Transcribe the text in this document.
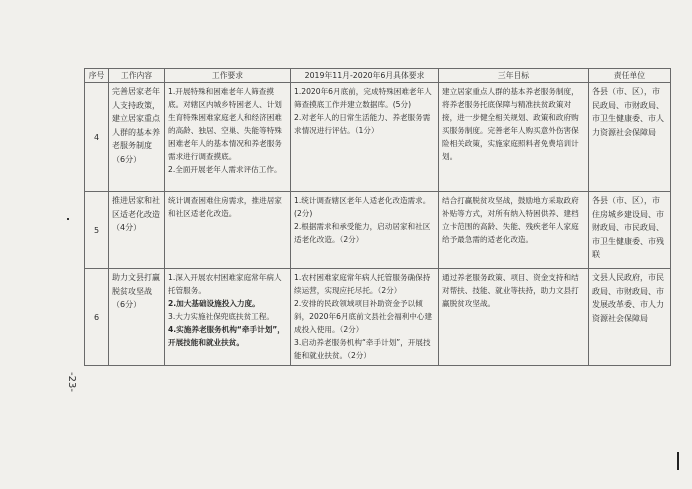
-23-
序号	工作内容	工作要求	2019年11月-2020年6月具体要求	三年目标	责任单位
4	完善居家老年人支持政策，建立居家重点人群的基本养老服务制度（6分）	1.开展特殊和困难老年人筛查摸底。对辖区内城乡特困老人、计划生育特殊困难家庭老人和经济困难的高龄、独居、空巢、失能等特殊困难老年人的基本情况和养老服务需求进行调查摸底。
2.全面开展老年人需求评估工作。	1.2020年6月底前，完成特殊困难老年人筛查摸底工作并建立数据库。(5分)
2.对老年人的日常生活能力、养老服务需求情况进行评估。（1分）	建立居家重点人群的基本养老服务制度，将养老服务托底保障与精准扶贫政策对接，进一步健全相关规划、政策和政府购买服务制度。完善老年人购买意外伤害保险相关政策，实施家庭照料者免费培训计划。	各县（市、区），市民政局、市财政局、市卫生健康委、市人力资源社会保障局
5	推进居家和社区适老化改造（4分）	统计调查困难住房需求，推进居家和社区适老化改造。	1.统计调查辖区老年人适老化改造需求。(2分)
2.根据需求和承受能力，启动居家和社区适老化改造。（2分）	结合打赢脱贫攻坚战，鼓励地方采取政府补贴等方式，对所有纳入特困供养、建档立卡范围的高龄、失能、残疾老年人家庭给予最急需的适老化改造。	各县（市、区），市住房城乡建设局、市财政局、市民政局、市卫生健康委、市残联
6	助力文县打赢脱贫攻坚战（6分）	1.深入开展农村困难家庭常年病人托管服务。
2.加大基础设施投入力度。
3.大力实施社保兜底扶贫工程。
4.实施养老服务机构“牵手计划”，开展技能和就业扶贫。	1.农村困难家庭常年病人托管服务确保持续运营，实现应托尽托。（2分）
2.安排的民政领域项目补助资金予以倾斜，2020年6月底前文县社会福利中心建成投入使用。（2分）
3.启动养老服务机构“牵手计划”，开展技能和就业扶贫。（2分）	通过养老服务政策、项目、资金支持和结对帮扶、技能、就业等扶持，助力文县打赢脱贫攻坚战。	文县人民政府，市民政局、市财政局、市发展改革委、市人力资源社会保障局
